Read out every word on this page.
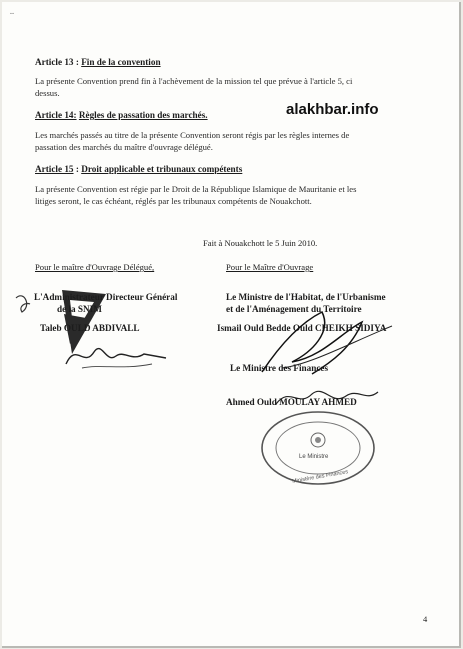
¨
Article 13 : Fin de la convention
La présente Convention prend fin à l'achèvement de la mission tel que prévue à l'article 5, ci
dessus.
alakhbar.info
Article 14: Règles de passation des marchés.
Les marchés passés au titre de la présente Convention seront régis par les règles internes de
passation des marchés du maître d'ouvrage délégué.
Article 15 : Droit applicable et tribunaux compétents
La présente Convention est régie par le Droit de la République Islamique de Mauritanie et les
litiges seront, le cas échéant, réglés par les tribunaux compétents de Nouakchott.
Fait à Nouakchott le 5 Juin 2010.
Pour le maître d'Ouvrage Délégué,	Pour le Maître d'Ouvrage
L'Administrateur Directeur Général
de la SNIM
Taleb OULD ABDIVALL
Le Ministre de l'Habitat, de l'Urbanisme
et de l'Aménagement du Territoire
Ismail Ould Bedde Ould CHEIKH SIDIYA
Le Ministre des Finances
Ahmed Ould MOULAY AHMED
Le Ministre
Ministère des Finances
4
